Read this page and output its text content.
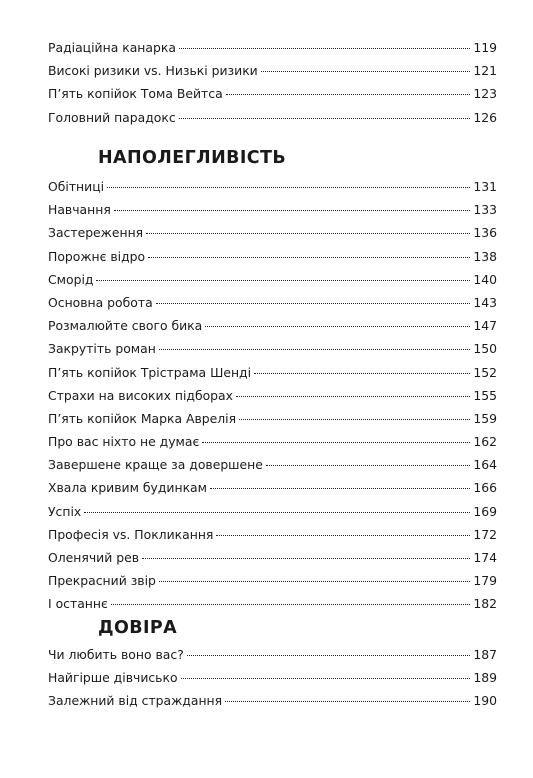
Радіаційна канарка	119
Високі ризики vs. Низькі ризики	121
П’ять копійок Тома Вейтса	123
Головний парадокс	126
НАПОЛЕГЛИВІСТЬ
Обітниці	131
Навчання	133
Застереження	136
Порожнє відро	138
Сморід	140
Основна робота	143
Розмалюйте свого бика	147
Закрутіть роман	150
П’ять копійок Трістрама Шенді	152
Страхи на високих підборах	155
П’ять копійок Марка Аврелія	159
Про вас ніхто не думає	162
Завершене краще за довершене	164
Хвала кривим будинкам	166
Успіх	169
Професія vs. Покликання	172
Оленячий рев	174
Прекрасний звір	179
І останнє	182
ДОВІРА
Чи любить воно вас?	187
Найгірше дівчисько	189
Залежний від страждання	190
